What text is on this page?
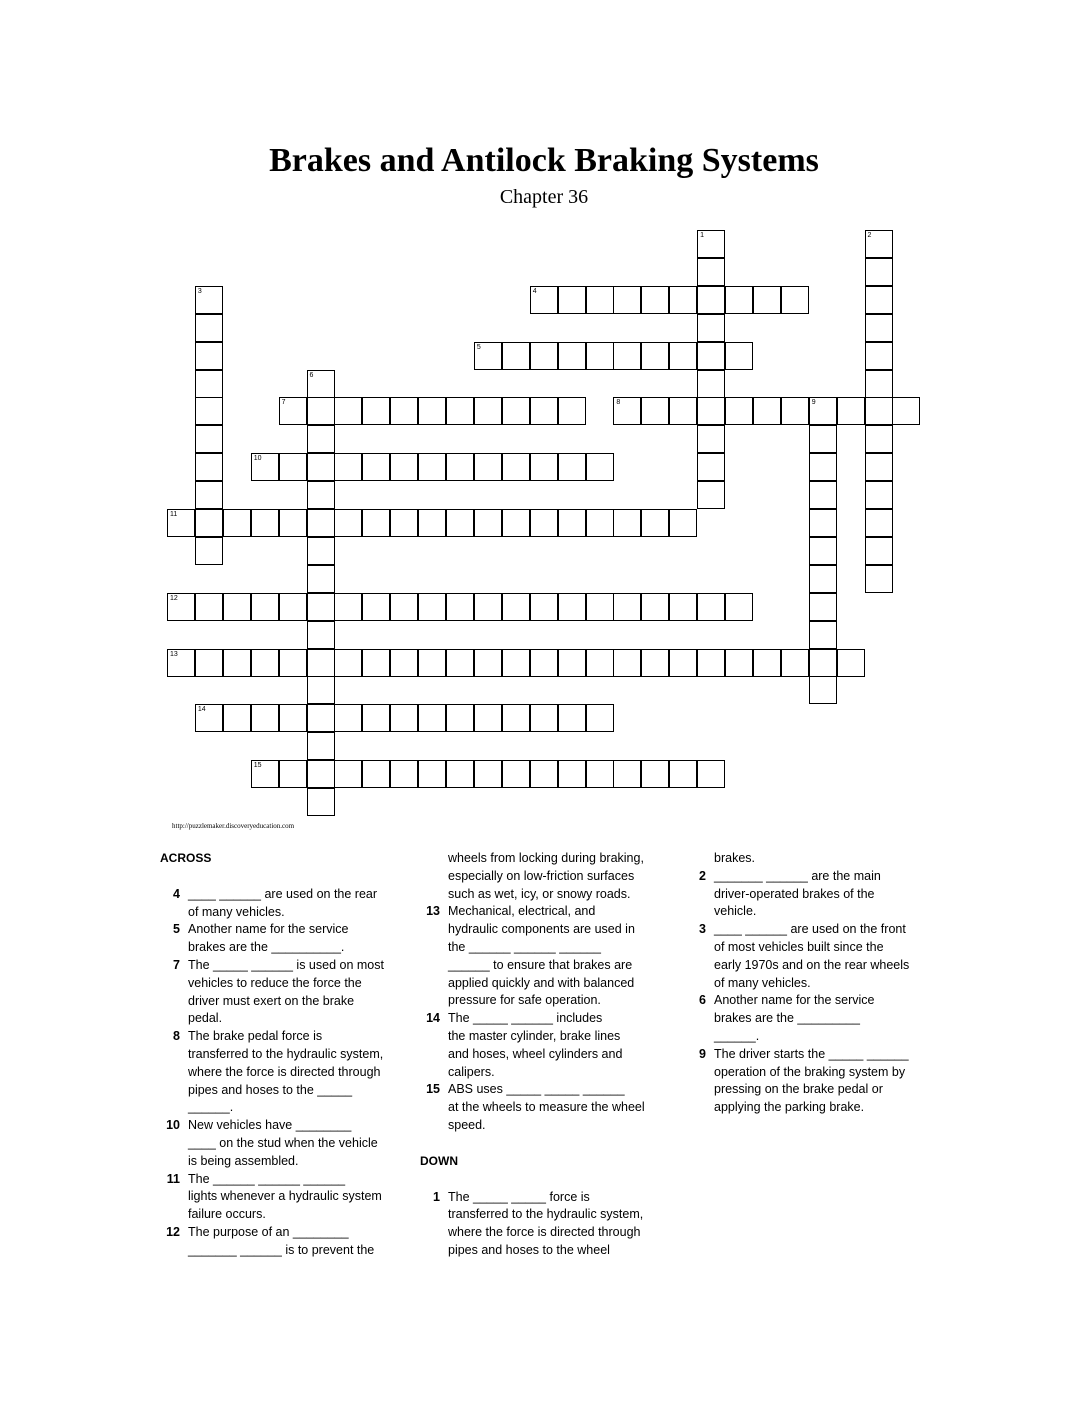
Brakes and Antilock Braking Systems
Chapter 36
4
5
7	8	9
10
11
12
13
14
15
1	2
3
6
http://puzzlemaker.discoveryeducation.com
ACROSS
4 ____ ______ are used on the rear
of many vehicles.
5 Another name for the service
brakes are the __________.
7 The _____ ______ is used on most
vehicles to reduce the force the
driver must exert on the brake
pedal.
8 The brake pedal force is
transferred to the hydraulic system,
where the force is directed through
pipes and hoses to the _____
______.
10 New vehicles have ________
____ on the stud when the vehicle
is being assembled.
11 The ______ ______ ______
lights whenever a hydraulic system
failure occurs.
12 The purpose of an ________
_______ ______ is to prevent the
wheels from locking during braking,
especially on low-friction surfaces
such as wet, icy, or snowy roads.
13 Mechanical, electrical, and
hydraulic components are used in
the ______ ______ ______
______ to ensure that brakes are
applied quickly and with balanced
pressure for safe operation.
14 The _____ ______ includes
the master cylinder, brake lines
and hoses, wheel cylinders and
calipers.
15 ABS uses _____ _____ ______
at the wheels to measure the wheel
speed.
DOWN
1 The _____ _____ force is
transferred to the hydraulic system,
where the force is directed through
pipes and hoses to the wheel
brakes.
2 _______ ______ are the main
driver-operated brakes of the
vehicle.
3 ____ ______ are used on the front
of most vehicles built since the
early 1970s and on the rear wheels
of many vehicles.
6 Another name for the service
brakes are the _________
______.
9 The driver starts the _____ ______
operation of the braking system by
pressing on the brake pedal or
applying the parking brake.
